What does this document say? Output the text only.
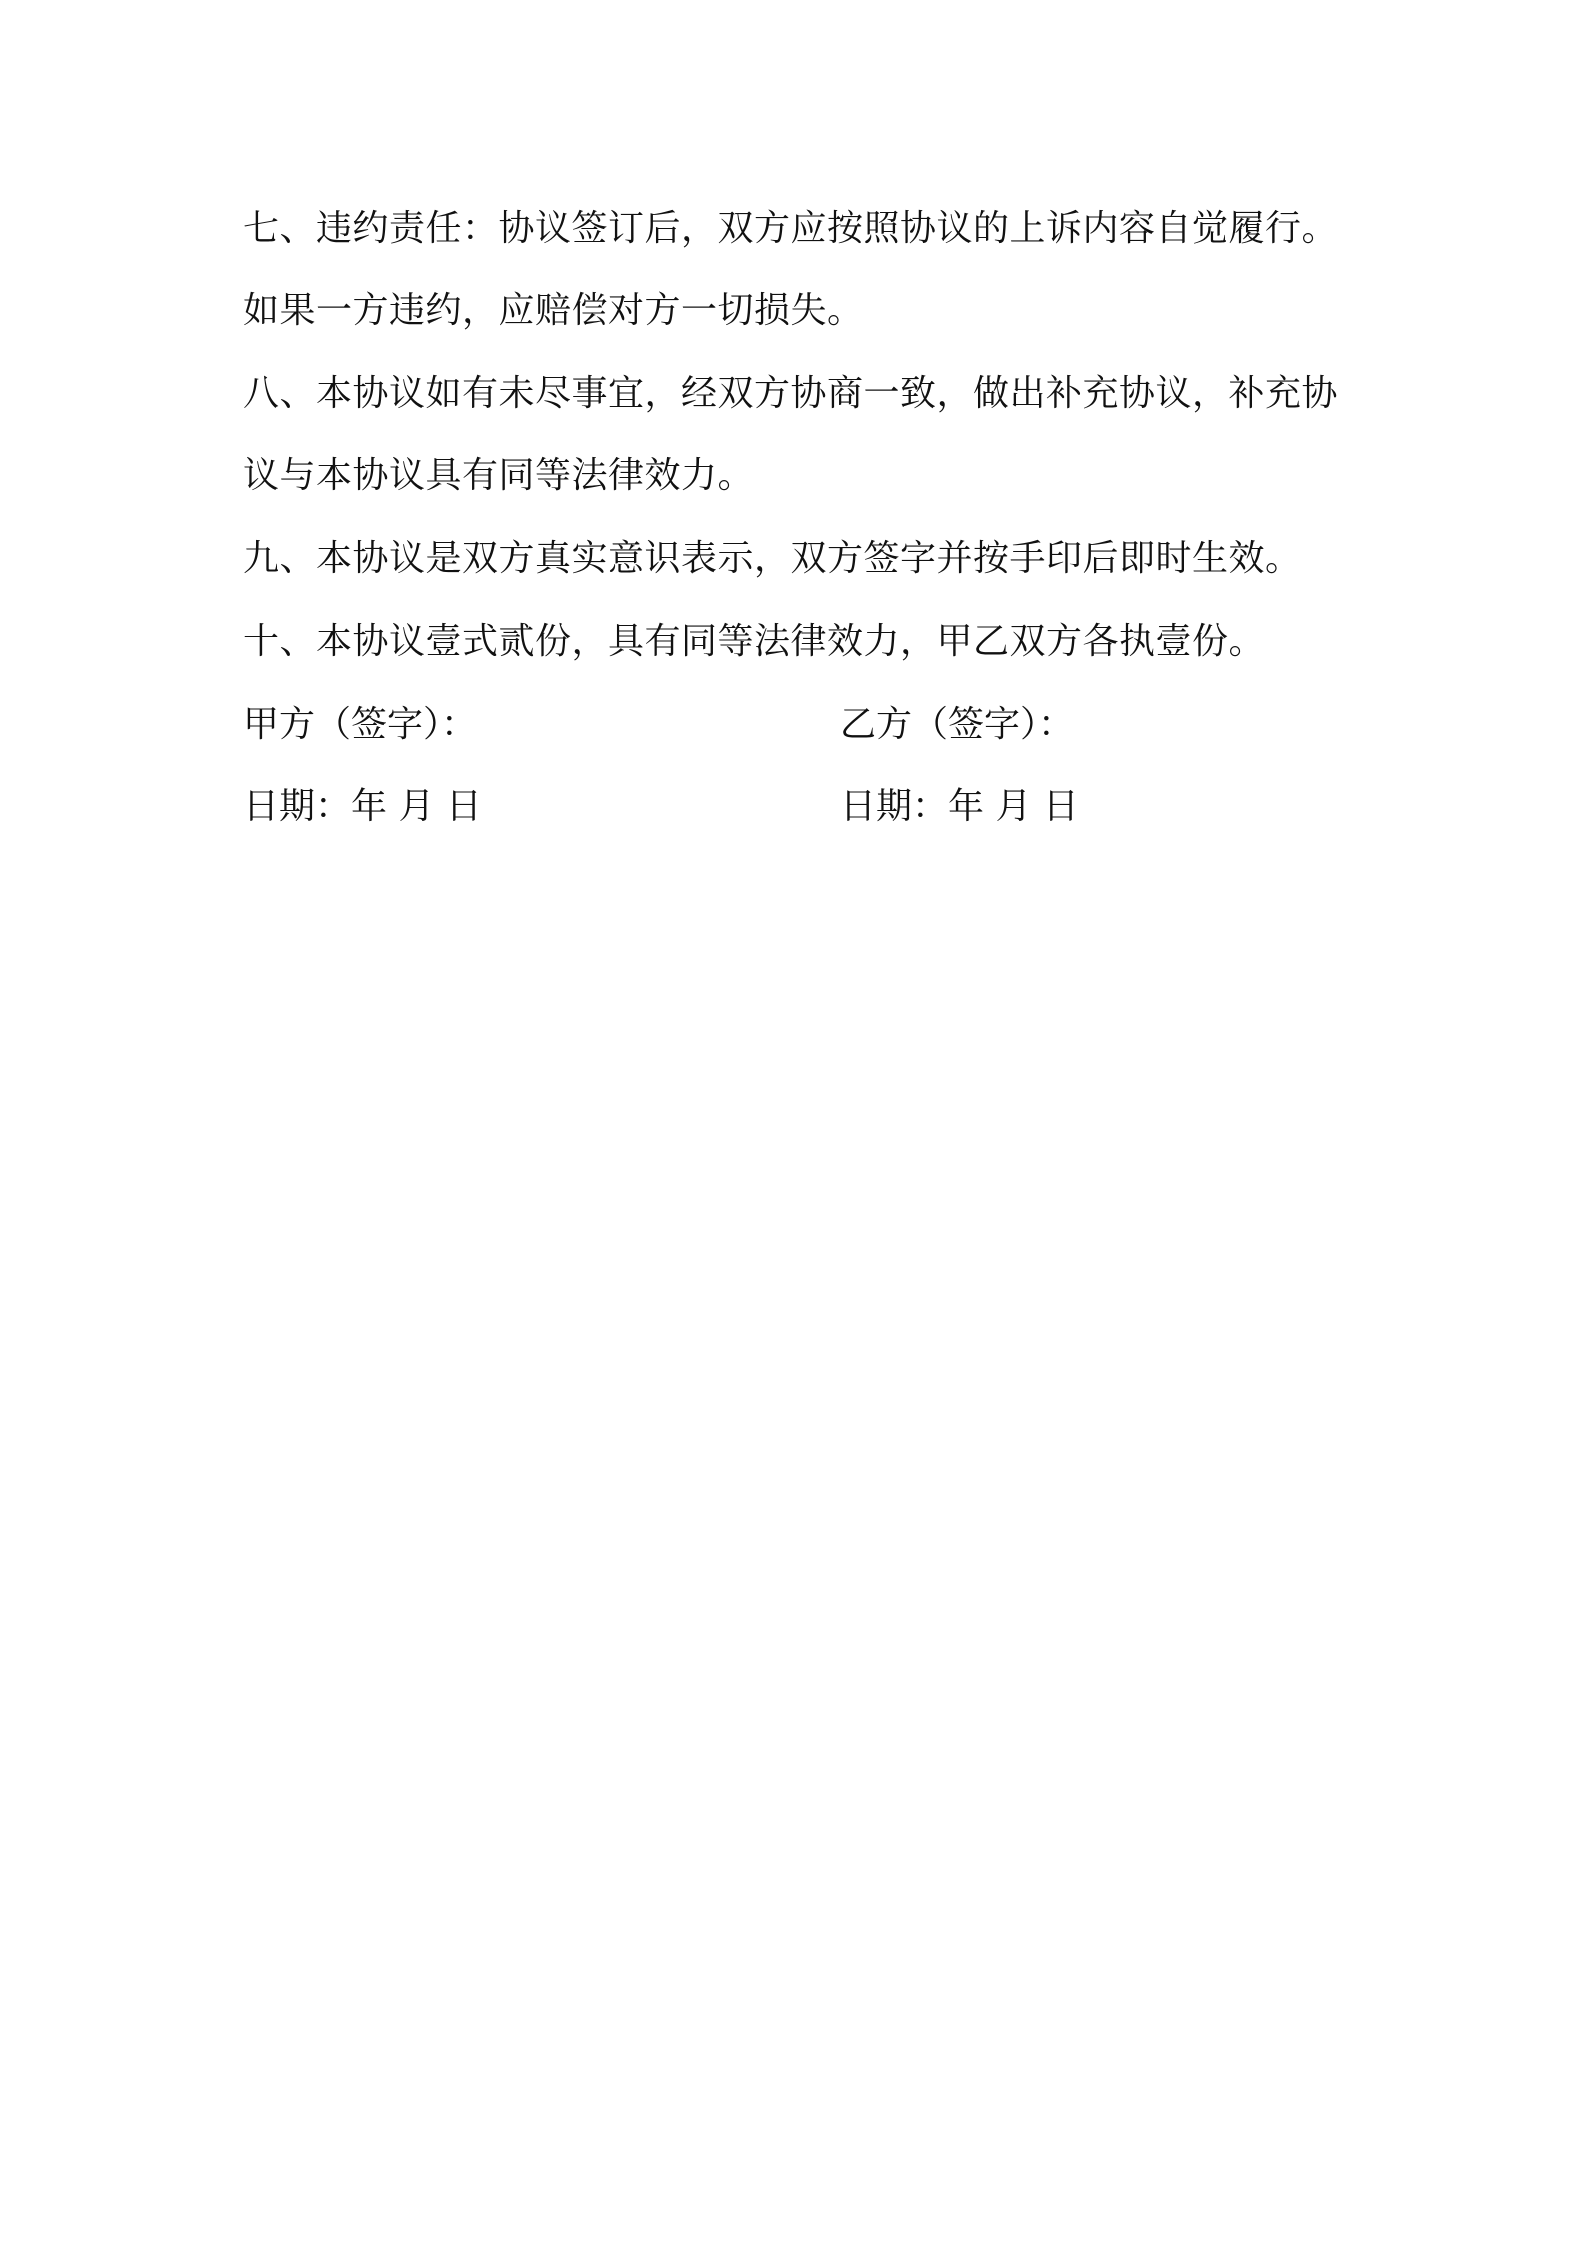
七、违约责任：协议签订后，双方应按照协议的上诉内容自觉履行。
如果一方违约，应赔偿对方一切损失。
八、本协议如有未尽事宜，经双方协商一致，做出补充协议，补充协
议与本协议具有同等法律效力。
九、本协议是双方真实意识表示，双方签字并按手印后即时生效。
十、本协议壹式贰份，具有同等法律效力，甲乙双方各执壹份。
甲方（签字）：	乙方（签字）：
日期：年 月 日	日期：年 月 日
